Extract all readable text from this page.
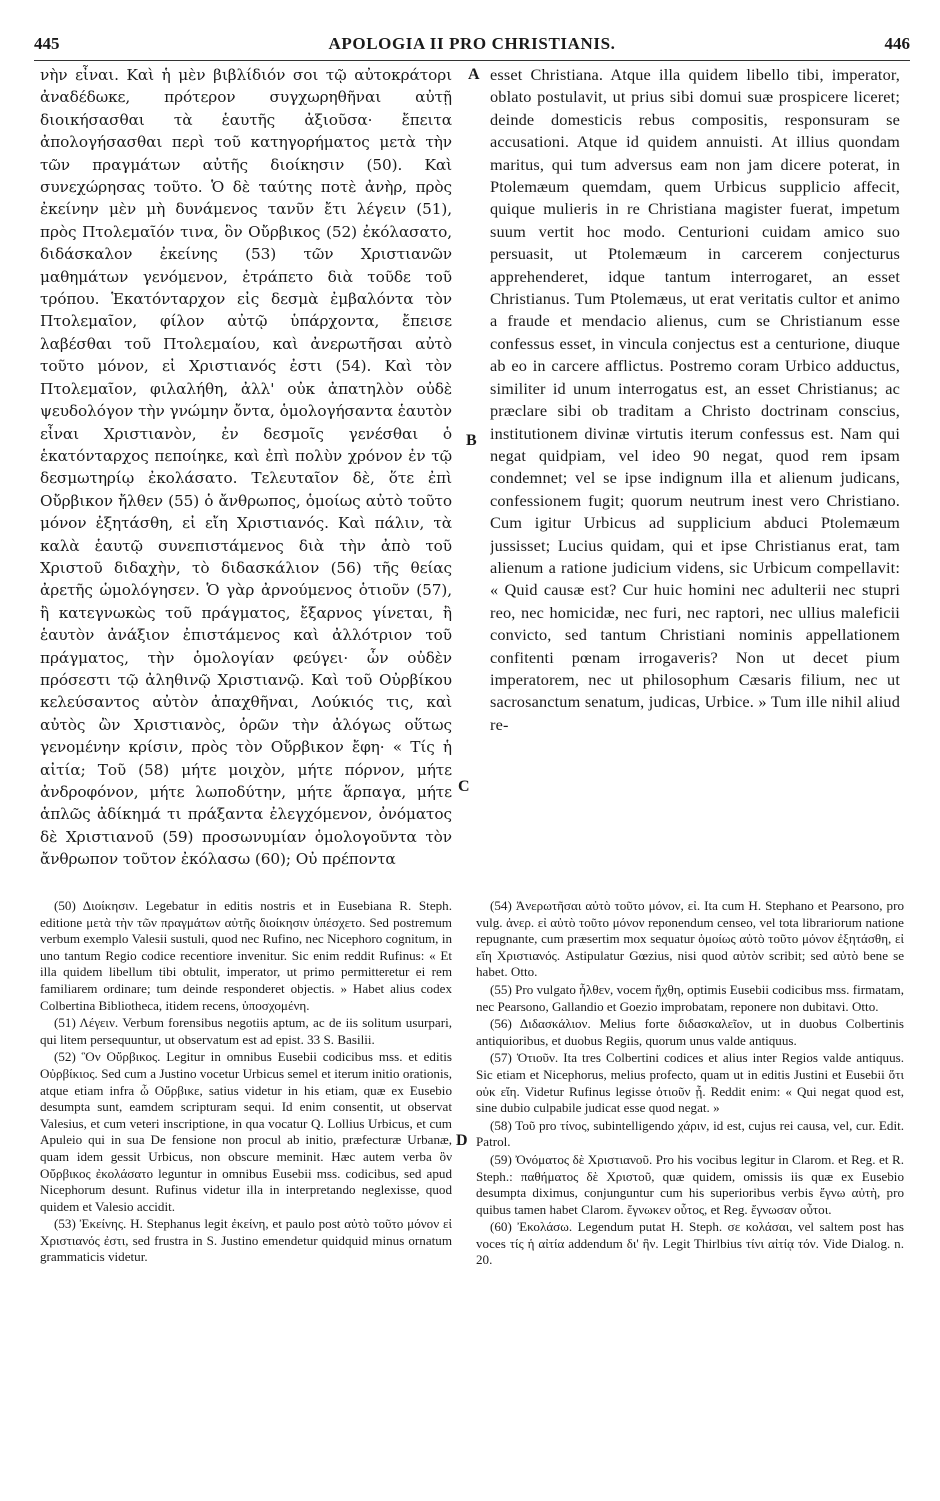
445	APOLOGIA II PRO CHRISTIANIS.	446

νὴν εἶναι. Καὶ ἡ μὲν βιβλίδιόν σοι τῷ αὐτοκράτορι ἀναδέδωκε, πρότερον συγχωρηθῆναι αὐτῇ διοικήσασθαι τὰ ἑαυτῆς ἀξιοῦσα· ἔπειτα ἀπολογήσασθαι περὶ τοῦ κατηγορήματος μετὰ τὴν τῶν πραγμάτων αὐτῆς διοίκησιν (50). Καὶ συνεχώρησας τοῦτο. Ὁ δὲ ταύτης ποτὲ ἀνὴρ, πρὸς ἐκείνην μὲν μὴ δυνάμενος τανῦν ἔτι λέγειν (51), πρὸς Πτολεμαῖόν τινα, ὃν Οὔρβικος (52) ἐκόλασατο, διδάσκαλον ἐκείνης (53) τῶν Χριστιανῶν μαθημάτων γενόμενον, ἐτράπετο διὰ τοῦδε τοῦ τρόπου. Ἑκατόνταρχον εἰς δεσμὰ ἐμβαλόντα τὸν Πτολεμαῖον, φίλον αὐτῷ ὑπάρχοντα, ἔπεισε λαβέσθαι τοῦ Πτολεμαίου, καὶ ἀνερωτῆσαι αὐτὸ τοῦτο μόνον, εἰ Χριστιανός ἐστι (54). Καὶ τὸν Πτολεμαῖον, φιλαλήθη, ἀλλ' οὐκ ἀπατηλὸν οὐδὲ ψευδολόγον τὴν γνώμην ὄντα, ὁμολογήσαντα ἑαυτὸν εἶναι Χριστιανὸν, ἐν δεσμοῖς γενέσθαι ὁ ἑκατόνταρχος πεποίηκε, καὶ ἐπὶ πολὺν χρόνον ἐν τῷ δεσμωτηρίῳ ἐκολάσατο. Τελευταῖον δὲ, ὅτε ἐπὶ Οὔρβικον ἤλθεν (55) ὁ ἄνθρωπος, ὁμοίως αὐτὸ τοῦτο μόνον ἐξητάσθη, εἰ εἴη Χριστιανός. Καὶ πάλιν, τὰ καλὰ ἑαυτῷ συνεπιστάμενος διὰ τὴν ἀπὸ τοῦ Χριστοῦ διδαχὴν, τὸ διδασκάλιον (56) τῆς θείας ἀρετῆς ὡμολόγησεν. Ὁ γὰρ ἀρνούμενος ὁτιοῦν (57), ἢ κατεγνωκὼς τοῦ πράγματος, ἔξαρνος γίνεται, ἢ ἑαυτὸν ἀνάξιον ἐπιστάμενος καὶ ἀλλότριον τοῦ πράγματος, τὴν ὁμολογίαν φεύγει· ὧν οὐδὲν πρόσεστι τῷ ἀληθινῷ Χριστιανῷ. Καὶ τοῦ Οὐρβίκου κελεύσαντος αὐτὸν ἀπαχθῆναι, Λούκιός τις, καὶ αὐτὸς ὢν Χριστιανὸς, ὁρῶν τὴν ἀλόγως οὕτως γενομένην κρίσιν, πρὸς τὸν Οὔρβικον ἔφη· « Τίς ἡ αἰτία; Τοῦ (58) μήτε μοιχὸν, μήτε πόρνον, μήτε ἀνδροφόνον, μήτε λωποδύτην, μήτε ἅρπαγα, μήτε ἁπλῶς ἀδίκημά τι πράξαντα ἐλεγχόμενον, ὀνόματος δὲ Χριστιανοῦ (59) προσωνυμίαν ὁμολογοῦντα τὸν ἄνθρωπον τοῦτον ἐκόλασω (60); Οὐ πρέποντα

esset Christiana. Atque illa quidem libello tibi, imperator, oblato postulavit, ut prius sibi domui suæ prospicere liceret; deinde domesticis rebus compositis, responsuram se accusationi. Atque id quidem annuisti. At illius quondam maritus, qui tum adversus eam non jam dicere poterat, in Ptolemæum quemdam, quem Urbicus supplicio affecit, quique mulieris in re Christiana magister fuerat, impetum suum vertit hoc modo. Centurioni cuidam amico suo persuasit, ut Ptolemæum in carcerem conjecturus apprehenderet, idque tantum interrogaret, an esset Christianus. Tum Ptolemæus, ut erat veritatis cultor et animo a fraude et mendacio alienus, cum se Christianum esse confessus esset, in vincula conjectus est a centurione, diuque ab eo in carcere afflictus. Postremo coram Urbico adductus, similiter id unum interrogatus est, an esset Christianus; ac præclare sibi ob traditam a Christo doctrinam conscius, institutionem divinæ virtutis iterum confessus est. Nam qui negat quidpiam, vel ideo 90 negat, quod rem ipsam condemnet; vel se ipse indignum illa et alienum judicans, confessionem fugit; quorum neutrum inest vero Christiano. Cum igitur Urbicus ad supplicium abduci Ptolemæum jussisset; Lucius quidam, qui et ipse Christianus erat, tam alienum a ratione judicium videns, sic Urbicum compellavit: « Quid causæ est? Cur huic homini nec adulterii nec stupri reo, nec homicidæ, nec furi, nec raptori, nec ullius maleficii convicto, sed tantum Christiani nominis appellationem confitenti pœnam irrogaveris? Non ut decet pium imperatorem, nec ut philosophum Cæsaris filium, nec ut sacrosanctum senatum, judicas, Urbice. » Tum ille nihil aliud re-

A
B
C
D

(50) Διοίκησιν. Legebatur in editis nostris et in Eusebiana R. Steph. editione μετὰ τὴν τῶν πραγμάτων αὐτῆς διοίκησιν ὑπέσχετο. Sed postremum verbum exemplo Valesii sustuli, quod nec Rufino, nec Nicephoro cognitum, in uno tantum Regio codice recentiore invenitur. Sic enim reddit Rufinus: « Et illa quidem libellum tibi obtulit, imperator, ut primo permitteretur ei rem familiarem ordinare; tum deinde responderet objectis. » Habet alius codex Colbertina Bibliotheca, itidem recens, ὑποσχομένη.

(51) Λέγειν. Verbum forensibus negotiis aptum, ac de iis solitum usurpari, qui litem persequuntur, ut observatum est ad epist. 33 S. Basilii.

(52) Ὃν Οὔρβικος. Legitur in omnibus Eusebii codicibus mss. et editis Οὐρβίκιος. Sed cum a Justino vocetur Urbicus semel et iterum initio orationis, atque etiam infra ὦ Οὔρβικε, satius videtur in his etiam, quæ ex Eusebio desumpta sunt, eamdem scripturam sequi. Id enim consentit, ut observat Valesius, et cum veteri inscriptione, in qua vocatur Q. Lollius Urbicus, et cum Apuleio qui in sua De fensione non procul ab initio, præfecturæ Urbanæ, quam idem gessit Urbicus, non obscure meminit. Hæc autem verba ὃν Οὔρβικος ἐκολάσατο leguntur in omnibus Eusebii mss. codicibus, sed apud Nicephorum desunt. Rufinus videtur illa in interpretando neglexisse, quod quidem et Valesio accidit.

(53) Ἐκείνης. H. Stephanus legit ἐκείνη, et paulo post αὐτὸ τοῦτο μόνον εἰ Χριστιανός ἐστι, sed frustra in S. Justino emendetur quidquid minus ornatum grammaticis videtur.

(54) Ἀνερωτῆσαι αὐτὸ τοῦτο μόνον, εἰ. Ita cum H. Stephano et Pearsono, pro vulg. ἀνερ. εἰ αὐτὸ τοῦτο μόνον reponendum censeo, vel tota librariorum natione repugnante, cum præsertim mox sequatur ὁμοίως αὐτὸ τοῦτο μόνον ἐξητάσθη, εἰ εἴη Χριστιανός. Astipulatur Gœzius, nisi quod αὐτὸν scribit; sed αὐτὸ bene se habet. Otto.

(55) Pro vulgato ἦλθεν, vocem ἤχθη, optimis Eusebii codicibus mss. firmatam, nec Pearsono, Gallandio et Goezio improbatam, reponere non dubitavi. Otto.

(56) Διδασκάλιον. Melius forte διδασκαλεῖον, ut in duobus Colbertinis antiquioribus, et duobus Regiis, quorum unus valde antiquus.

(57) Ὁτιοῦν. Ita tres Colbertini codices et alius inter Regios valde antiquus. Sic etiam et Nicephorus, melius profecto, quam ut in editis Justini et Eusebii ὅτι οὐκ εἴη. Videtur Rufinus legisse ὁτιοῦν ᾖ. Reddit enim: « Qui negat quod est, sine dubio culpabile judicat esse quod negat. »

(58) Τοῦ pro τίνος, subintelligendo χάριν, id est, cujus rei causa, vel, cur. Edit. Patrol.

(59) Ὀνόματος δὲ Χριστιανοῦ. Pro his vocibus legitur in Clarom. et Reg. et R. Steph.: παθήματος δὲ Χριστοῦ, quæ quidem, omissis iis quæ ex Eusebio desumpta diximus, conjunguntur cum his superioribus verbis ἔγνω αὐτὴ, pro quibus tamen habet Clarom. ἔγνωκεν οὗτος, et Reg. ἔγνωσαν οὗτοι.

(60) Ἐκολάσω. Legendum putat H. Steph. σε κολάσαι, vel saltem post has voces τίς ἡ αἰτία addendum δι' ἣν. Legit Thirlbius τίνι αἰτίᾳ τόν. Vide Dialog. n. 20.
